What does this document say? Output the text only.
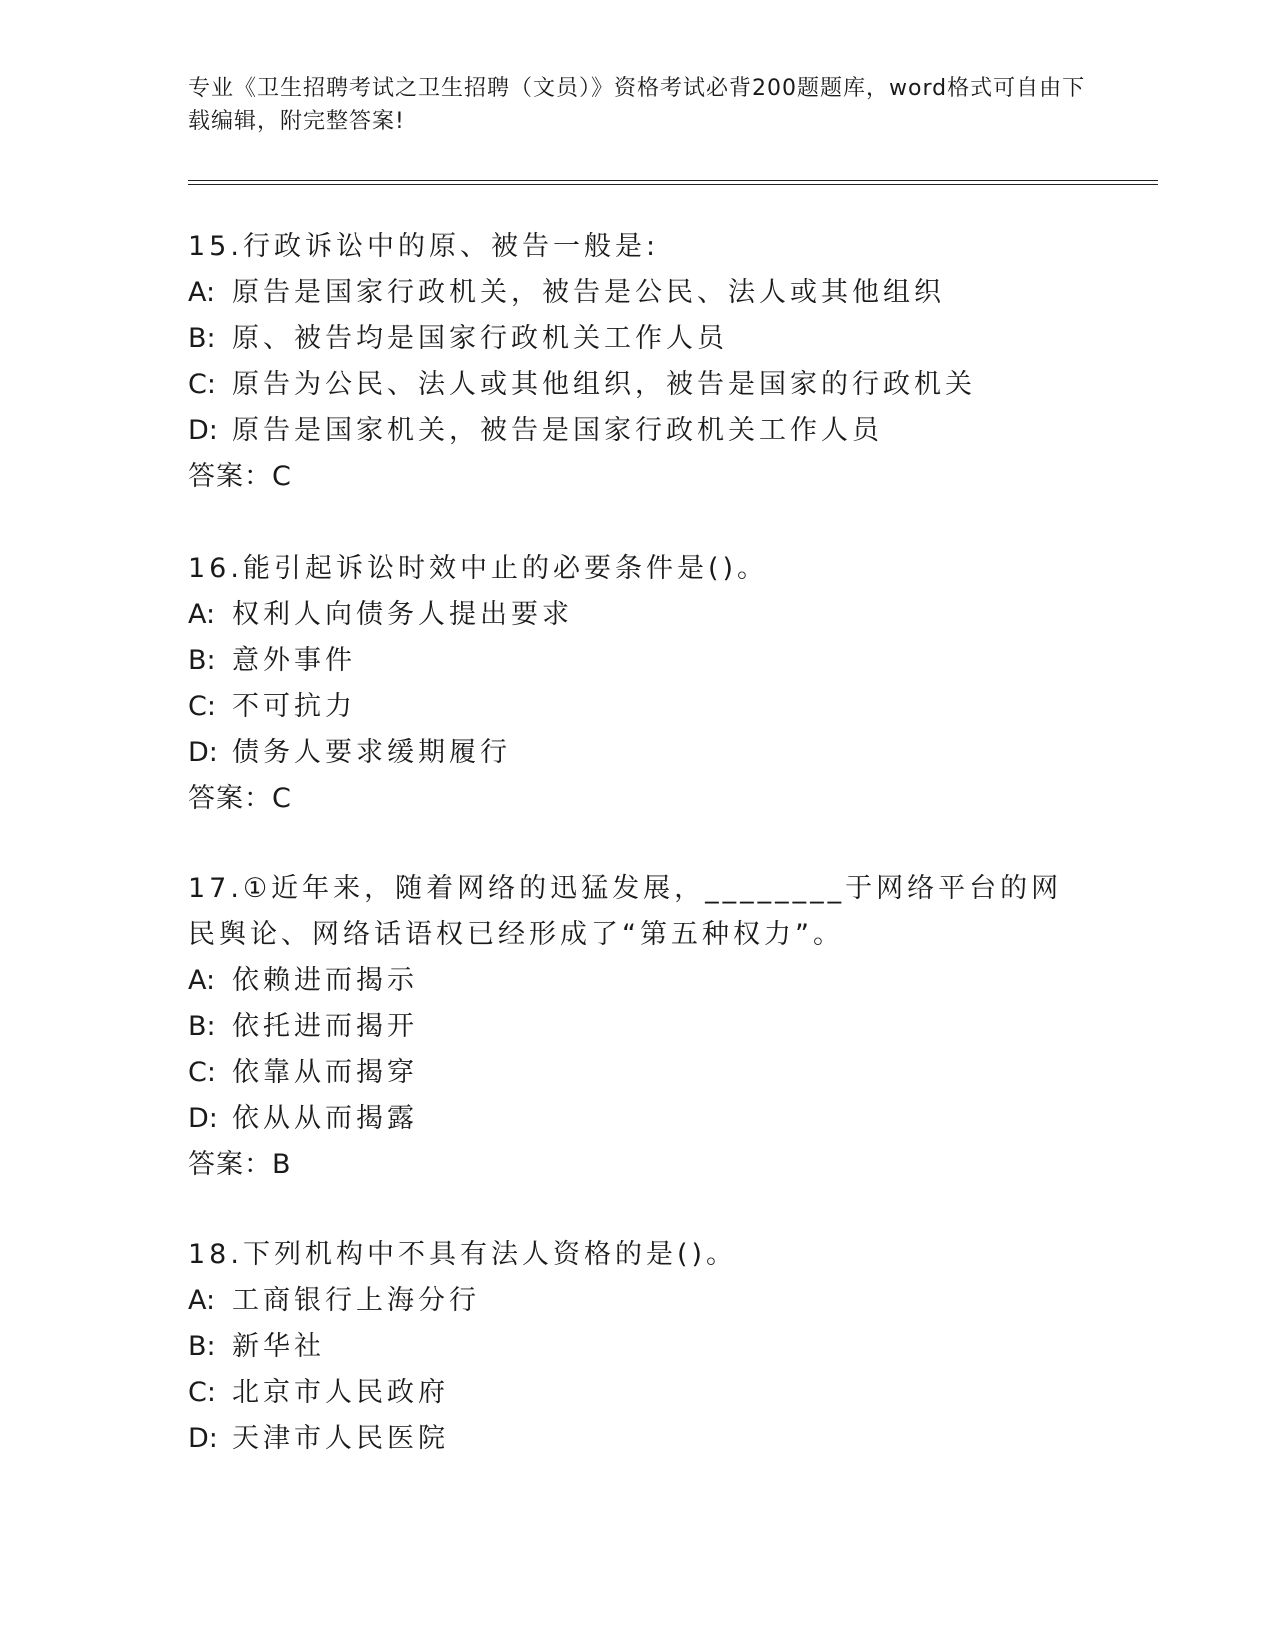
专业《卫生招聘考试之卫生招聘（文员）》资格考试必背200题题库，word格式可自由下载编辑，附完整答案!
15.行政诉讼中的原、被告一般是:
A: 原告是国家行政机关，被告是公民、法人或其他组织
B: 原、被告均是国家行政机关工作人员
C: 原告为公民、法人或其他组织，被告是国家的行政机关
D: 原告是国家机关，被告是国家行政机关工作人员
答案：C
16.能引起诉讼时效中止的必要条件是()。
A: 权利人向债务人提出要求
B: 意外事件
C: 不可抗力
D: 债务人要求缓期履行
答案：C
17.①近年来，随着网络的迅猛发展，________于网络平台的网民舆论、网络话语权已经形成了“第五种权力”。
A: 依赖进而揭示
B: 依托进而揭开
C: 依靠从而揭穿
D: 依从从而揭露
答案：B
18.下列机构中不具有法人资格的是()。
A: 工商银行上海分行
B: 新华社
C: 北京市人民政府
D: 天津市人民医院
